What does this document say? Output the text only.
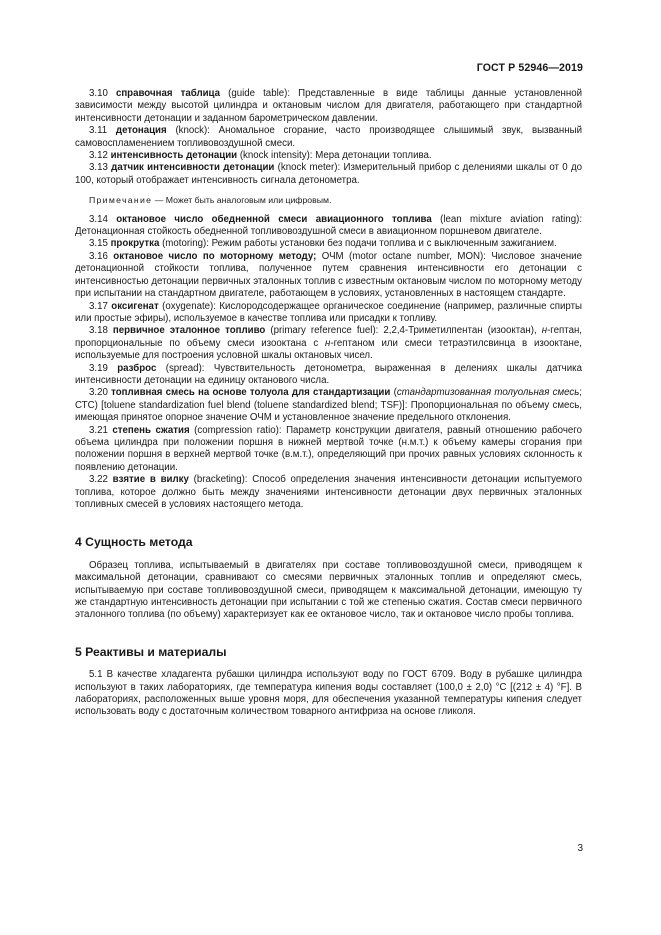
ГОСТ Р 52946—2019

3.10 справочная таблица (guide table): Представленные в виде таблицы данные установленной зависимости между высотой цилиндра и октановым числом для двигателя, работающего при стандартной интенсивности детонации и заданном барометрическом давлении.

3.11 детонация (knock): Аномальное сгорание, часто производящее слышимый звук, вызванный самовоспламенением топливовоздушной смеси.

3.12 интенсивность детонации (knock intensity): Мера детонации топлива.

3.13 датчик интенсивности детонации (knock meter): Измерительный прибор с делениями шкалы от 0 до 100, который отображает интенсивность сигнала детонометра.

Примечание — Может быть аналоговым или цифровым.

3.14 октановое число обедненной смеси авиационного топлива (lean mixture aviation rating): Детонационная стойкость обедненной топливовоздушной смеси в авиационном поршневом двигателе.

3.15 прокрутка (motoring): Режим работы установки без подачи топлива и с выключенным зажиганием.

3.16 октановое число по моторному методу; ОЧМ (motor octane number, MON): Числовое значение детонационной стойкости топлива, полученное путем сравнения интенсивности его детонации с интенсивностью детонации первичных эталонных топлив с известным октановым числом по моторному методу при испытании на стандартном двигателе, работающем в условиях, установленных в настоящем стандарте.

3.17 оксигенат (oxygenate): Кислородсодержащее органическое соединение (например, различные спирты или простые эфиры), используемое в качестве топлива или присадки к топливу.

3.18 первичное эталонное топливо (primary reference fuel): 2,2,4-Триметилпентан (изооктан), н-гептан, пропорциональные по объему смеси изооктана с н-гептаном или смеси тетраэтилсвинца в изооктане, используемые для построения условной шкалы октановых чисел.

3.19 разброс (spread): Чувствительность детонометра, выраженная в делениях шкалы датчика интенсивности детонации на единицу октанового числа.

3.20 топливная смесь на основе толуола для стандартизации (стандартизованная толуольная смесь; СТС) [toluene standardization fuel blend (toluene standardized blend; TSF)]: Пропорциональная по объему смесь, имеющая принятое опорное значение ОЧМ и установленное значение предельного отклонения.

3.21 степень сжатия (compression ratio): Параметр конструкции двигателя, равный отношению рабочего объема цилиндра при положении поршня в нижней мертвой точке (н.м.т.) к объему камеры сгорания при положении поршня в верхней мертвой точке (в.м.т.), определяющий при прочих равных условиях склонность к появлению детонации.

3.22 взятие в вилку (bracketing): Способ определения значения интенсивности детонации испытуемого топлива, которое должно быть между значениями интенсивности детонации двух первичных эталонных топливных смесей в условиях настоящего метода.

4 Сущность метода

Образец топлива, испытываемый в двигателях при составе топливовоздушной смеси, приводящем к максимальной детонации, сравнивают со смесями первичных эталонных топлив и определяют смесь, испытываемую при составе топливовоздушной смеси, приводящем к максимальной детонации, имеющую ту же стандартную интенсивность детонации при испытании с той же степенью сжатия. Состав смеси первичного эталонного топлива (по объему) характеризует как ее октановое число, так и октановое число пробы топлива.

5 Реактивы и материалы

5.1 В качестве хладагента рубашки цилиндра используют воду по ГОСТ 6709. Воду в рубашке цилиндра используют в таких лабораториях, где температура кипения воды составляет (100,0 ± 2,0) °С [(212 ± 4) °F]. В лабораториях, расположенных выше уровня моря, для обеспечения указанной температуры кипения следует использовать воду с достаточным количеством товарного антифриза на основе гликоля.

3
